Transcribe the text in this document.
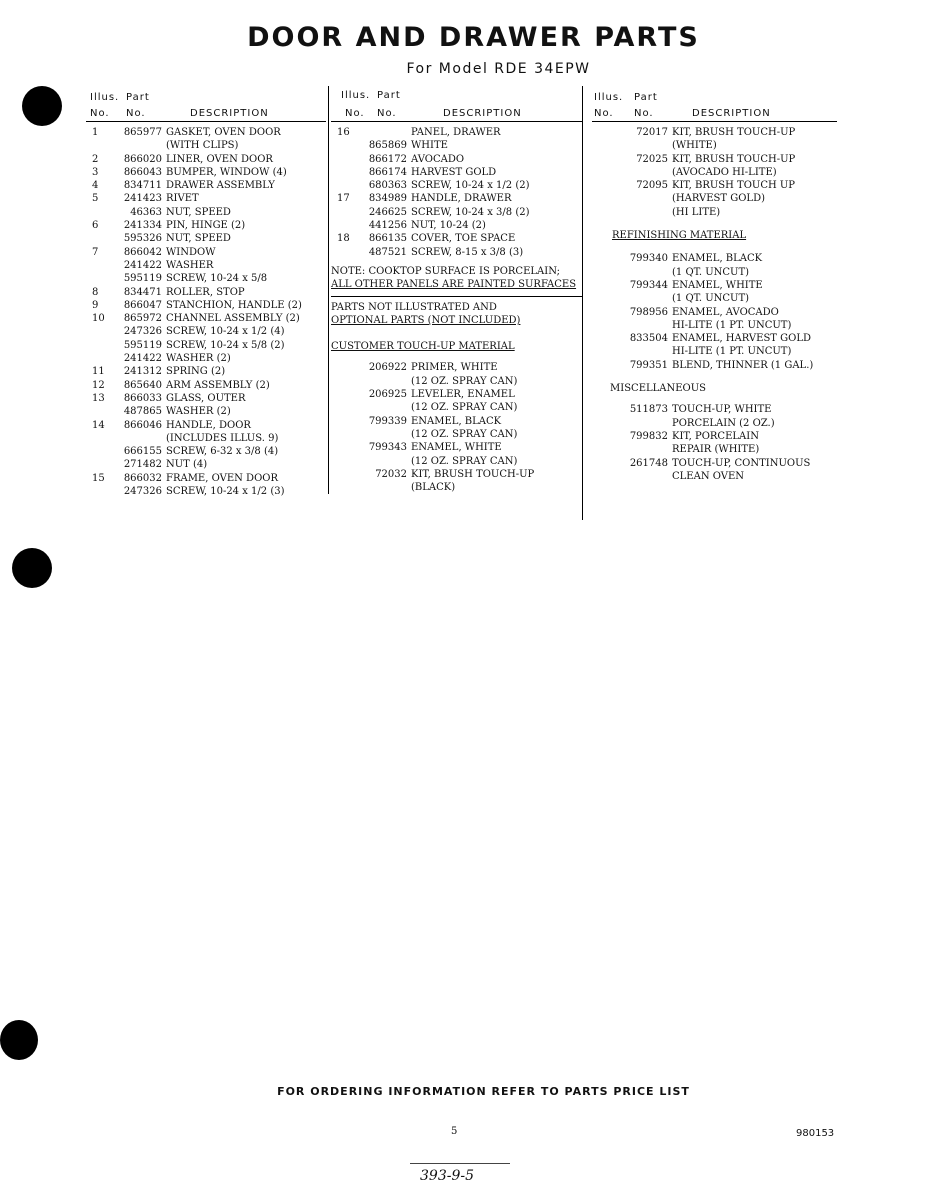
DOOR AND DRAWER PARTS
For Model RDE 34EPW
Illus. Part
No. No.	DESCRIPTION
1	865977 GASKET, OVEN DOOR
(WITH CLIPS)
2	866020 LINER, OVEN DOOR
3	866043 BUMPER, WINDOW (4)
4	834711 DRAWER ASSEMBLY
5	241423 RIVET
46363 NUT, SPEED
6	241334 PIN, HINGE (2)
595326 NUT, SPEED
7	866042 WINDOW
241422 WASHER
595119 SCREW, 10-24 x 5/8
8	834471 ROLLER, STOP
9	866047 STANCHION, HANDLE (2)
10	865972 CHANNEL ASSEMBLY (2)
247326 SCREW, 10-24 x 1/2 (4)
595119 SCREW, 10-24 x 5/8 (2)
241422 WASHER (2)
11	241312 SPRING (2)
12	865640 ARM ASSEMBLY (2)
13	866033 GLASS, OUTER
487865 WASHER (2)
14	866046 HANDLE, DOOR
(INCLUDES ILLUS. 9)
666155 SCREW, 6-32 x 3/8 (4)
271482 NUT (4)
15	866032 FRAME, OVEN DOOR
247326 SCREW, 10-24 x 1/2 (3)
Illus. Part
No. No.	DESCRIPTION
16	PANEL, DRAWER
865869 WHITE
866172 AVOCADO
866174 HARVEST GOLD
680363 SCREW, 10-24 x 1/2 (2)
17	834989 HANDLE, DRAWER
246625 SCREW, 10-24 x 3/8 (2)
441256 NUT, 10-24 (2)
18	866135 COVER, TOE SPACE
487521 SCREW, 8-15 x 3/8 (3)
NOTE: COOKTOP SURFACE IS PORCELAIN;
ALL OTHER PANELS ARE PAINTED SURFACES
PARTS NOT ILLUSTRATED AND
OPTIONAL PARTS (NOT INCLUDED)
CUSTOMER TOUCH-UP MATERIAL
206922 PRIMER, WHITE
(12 OZ. SPRAY CAN)
206925 LEVELER, ENAMEL
(12 OZ. SPRAY CAN)
799339 ENAMEL, BLACK
(12 OZ. SPRAY CAN)
799343 ENAMEL, WHITE
(12 OZ. SPRAY CAN)
72032 KIT, BRUSH TOUCH-UP
(BLACK)
Illus. Part
No. No.	DESCRIPTION
72017 KIT, BRUSH TOUCH-UP
(WHITE)
72025 KIT, BRUSH TOUCH-UP
(AVOCADO HI-LITE)
72095 KIT, BRUSH TOUCH UP
(HARVEST GOLD)
(HI LITE)
REFINISHING MATERIAL
799340 ENAMEL, BLACK
(1 QT. UNCUT)
799344 ENAMEL, WHITE
(1 QT. UNCUT)
798956 ENAMEL, AVOCADO
HI-LITE (1 PT. UNCUT)
833504 ENAMEL, HARVEST GOLD
HI-LITE (1 PT. UNCUT)
799351 BLEND, THINNER (1 GAL.)
MISCELLANEOUS
511873 TOUCH-UP, WHITE
PORCELAIN (2 OZ.)
799832 KIT, PORCELAIN
REPAIR (WHITE)
261748 TOUCH-UP, CONTINUOUS
CLEAN OVEN
FOR ORDERING INFORMATION REFER TO PARTS PRICE LIST
5	980153
393-9-5
